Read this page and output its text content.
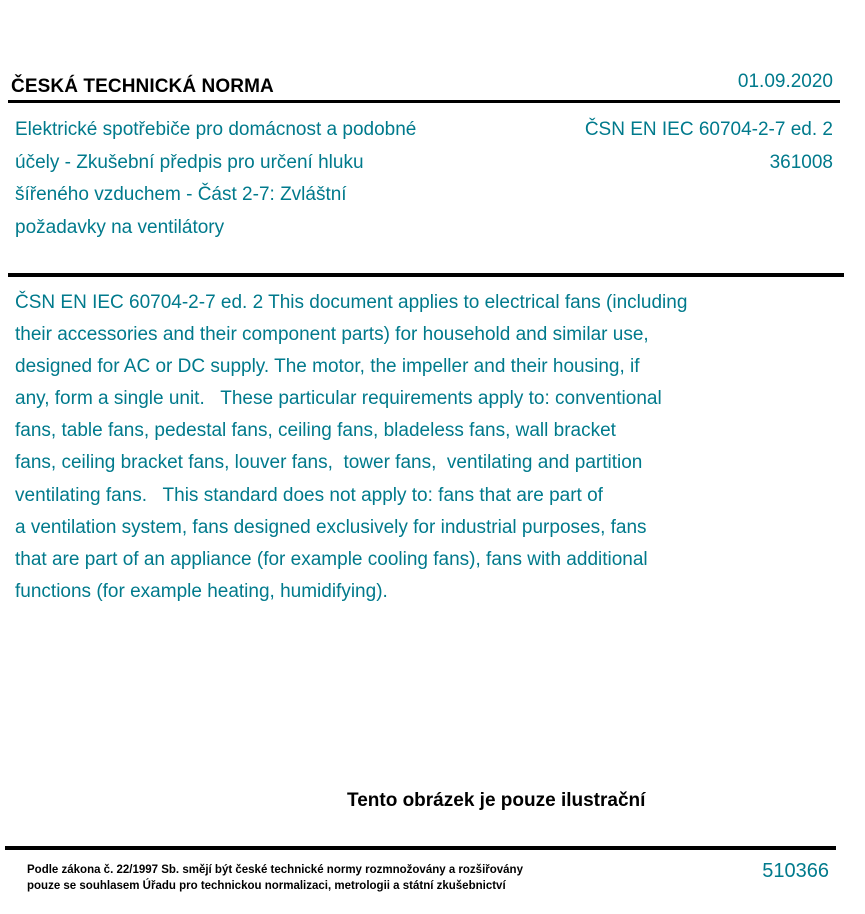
ČESKÁ TECHNICKÁ NORMA	01.09.2020
Elektrické spotřebiče pro domácnost a podobné
účely - Zkušební předpis pro určení hluku
šířeného vzduchem - Část 2-7: Zvláštní
požadavky na ventilátory
ČSN EN IEC 60704-2-7 ed. 2
361008
ČSN EN IEC 60704-2-7 ed. 2 This document applies to electrical fans (including
their accessories and their component parts) for household and similar use,
designed for AC or DC supply. The motor, the impeller and their housing, if
any, form a single unit.   These particular requirements apply to: conventional
fans, table fans, pedestal fans, ceiling fans, bladeless fans, wall bracket
fans, ceiling bracket fans, louver fans,  tower fans,  ventilating and partition
ventilating fans.   This standard does not apply to: fans that are part of
a ventilation system, fans designed exclusively for industrial purposes, fans
that are part of an appliance (for example cooling fans), fans with additional
functions (for example heating, humidifying).
Tento obrázek je pouze ilustrační
Podle zákona č. 22/1997 Sb. smějí být české technické normy rozmnožovány a rozšiřovány
pouze se souhlasem Úřadu pro technickou normalizaci, metrologii a státní zkušebnictví
510366
